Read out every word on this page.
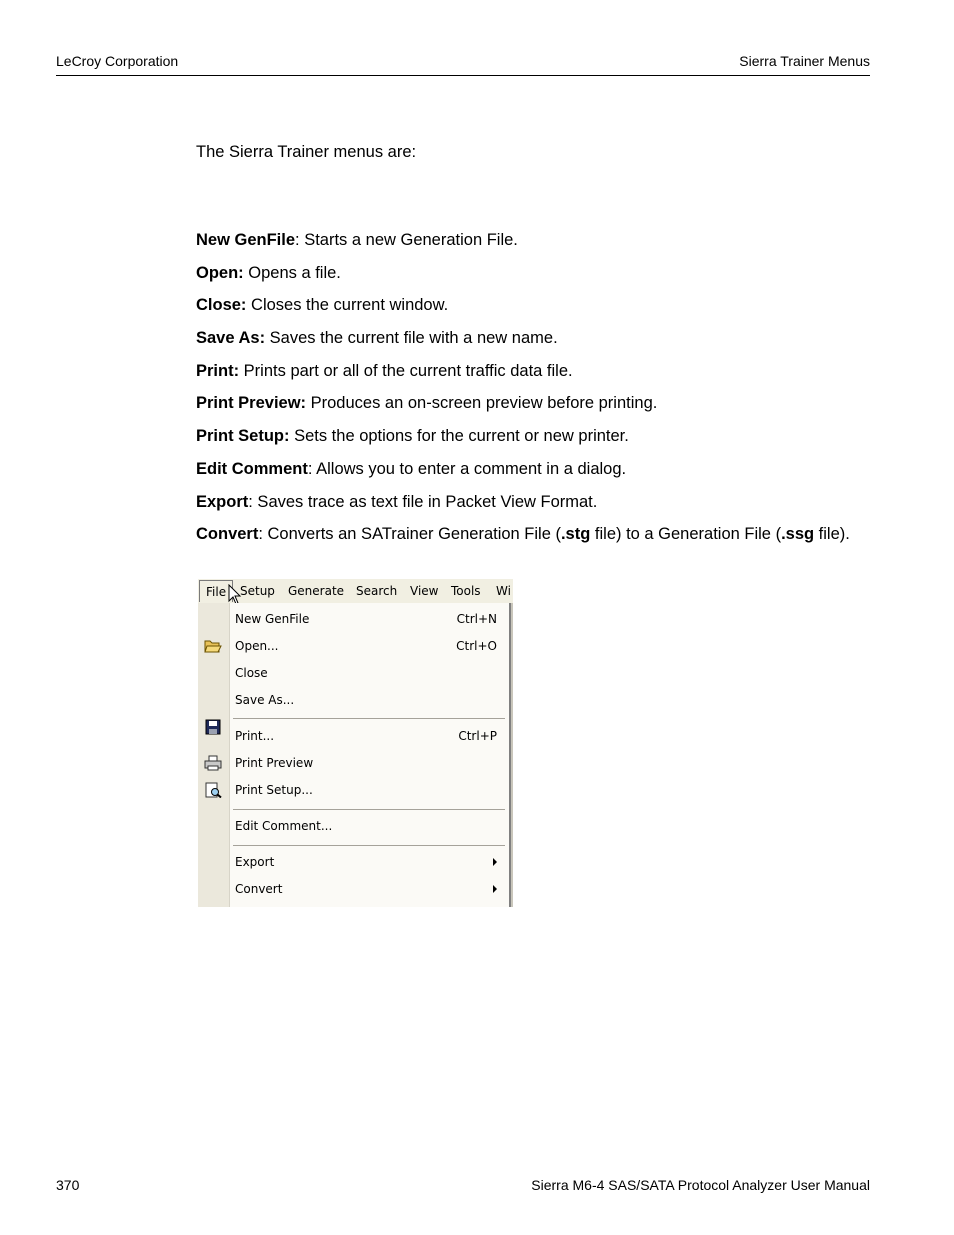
LeCroy Corporation	Sierra Trainer Menus
The Sierra Trainer menus are:
New GenFile: Starts a new Generation File.
Open: Opens a file.
Close: Closes the current window.
Save As: Saves the current file with a new name.
Print: Prints part or all of the current traffic data file.
Print Preview: Produces an on-screen preview before printing.
Print Setup: Sets the options for the current or new printer.
Edit Comment: Allows you to enter a comment in a dialog.
Export: Saves trace as text file in Packet View Format.
Convert: Converts an SATrainer Generation File (.stg file) to a Generation File (.ssg file).
File	Setup Generate Search View Tools Wi
New GenFile	Ctrl+N
Open...	Ctrl+O
Close
Save As...
Print...	Ctrl+P
Print Preview
Print Setup...
Edit Comment...
Export
Convert
370	Sierra M6-4 SAS/SATA Protocol Analyzer User Manual
